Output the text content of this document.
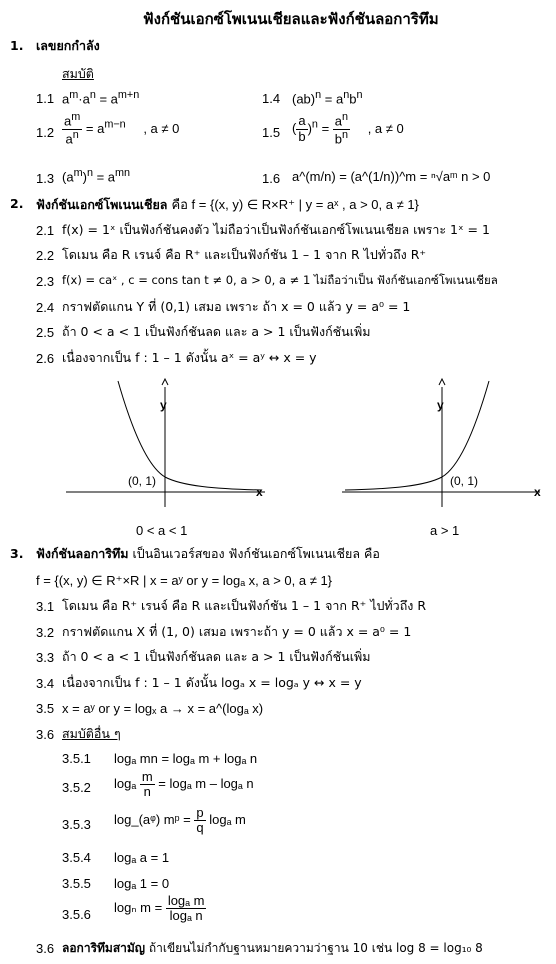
ฟังก์ชันเอกซ์โพเนนเชียลและฟังก์ชันลอการิทึม
1. เลขยกกำลัง
สมบัติ
1.1 $a^m\cdot a^n = a^{m+n}$	1.4 $(ab)^n = a^nb^n$
$1.2 \frac{a^m}{a^n} = a^{m-n}$ , a ≠ 0	1.5 ( $\frac{a}{b} )^n = \frac{a^n}{b^n}$ , a ≠ 0
1.3 $(a^m)^n = a^{mn}$	1.6 a^(m/n) = (a^(1/n))^m = ⁿ√aᵐ n > 0
2. ฟังก์ชันเอกซ์โพเนนเชียล คือ f = {(x, y) ∈ R×R⁺ | y = aˣ , a > 0, a ≠ 1}
2.1 f(x) = 1ˣ เป็นฟังก์ชันคงตัว ไม่ถือว่าเป็นฟังก์ชันเอกซ์โพเนนเชียล เพราะ 1ˣ = 1
2.2 โดเมน คือ R เรนจ์ คือ R⁺ และเป็นฟังก์ชัน 1 – 1 จาก R ไปทั่วถึง R⁺
2.3 f(x) = caˣ , c = cons tan t ≠ 0, a > 0, a ≠ 1 ไม่ถือว่าเป็น ฟังก์ชันเอกซ์โพเนนเชียล
2.4 กราฟตัดแกน Y ที่ (0,1) เสมอ เพราะ ถ้า x = 0 แล้ว y = a⁰ = 1
2.5 ถ้า 0 < a < 1 เป็นฟังก์ชันลด และ a > 1 เป็นฟังก์ชันเพิ่ม
2.6 เนื่องจากเป็น f : 1 – 1 ดังนั้น aˣ = aʸ ↔ x = y
y
x
(0, 1)
0 < a < 1
y
x
(0, 1)
a > 1
3. ฟังก์ชันลอการิทึม เป็นอินเวอร์สของ ฟังก์ชันเอกซ์โพเนนเชียล คือ
f = {(x, y) ∈ R⁺×R | x = aʸ or y = logₐ x, a > 0, a ≠ 1}
3.1 โดเมน คือ R⁺ เรนจ์ คือ R และเป็นฟังก์ชัน 1 – 1 จาก R⁺ ไปทั่วถึง R
3.2 กราฟตัดแกน X ที่ (1, 0) เสมอ เพราะถ้า y = 0 แล้ว x = a⁰ = 1
3.3 ถ้า 0 < a < 1 เป็นฟังก์ชันลด และ a > 1 เป็นฟังก์ชันเพิ่ม
3.4 เนื่องจากเป็น f : 1 – 1 ดังนั้น logₐ x = logₐ y ↔ x = y
3.5 x = aʸ or y = logₓ a → x = a^(logₐ x)
3.6 สมบัติอื่น ๆ
3.5.1 logₐ mn = logₐ m + logₐ n
3.5.2 logₐ $\frac{m}{n} = \log_a$ m – logₐ n
3.5.3 log_(aᵠ) mᵖ = $\frac{p}{q}$ logₐ m
3.5.4 logₐ a = 1
3.5.5 logₐ 1 = 0
3.5.6 logₙ $m = \frac{\text{logₐ m}}{\text{logₐ n}}$
3.6 ลอการิทึมสามัญ ถ้าเขียนไม่กำกับฐานหมายความว่าฐาน 10 เช่น log 8 = log₁₀ 8
